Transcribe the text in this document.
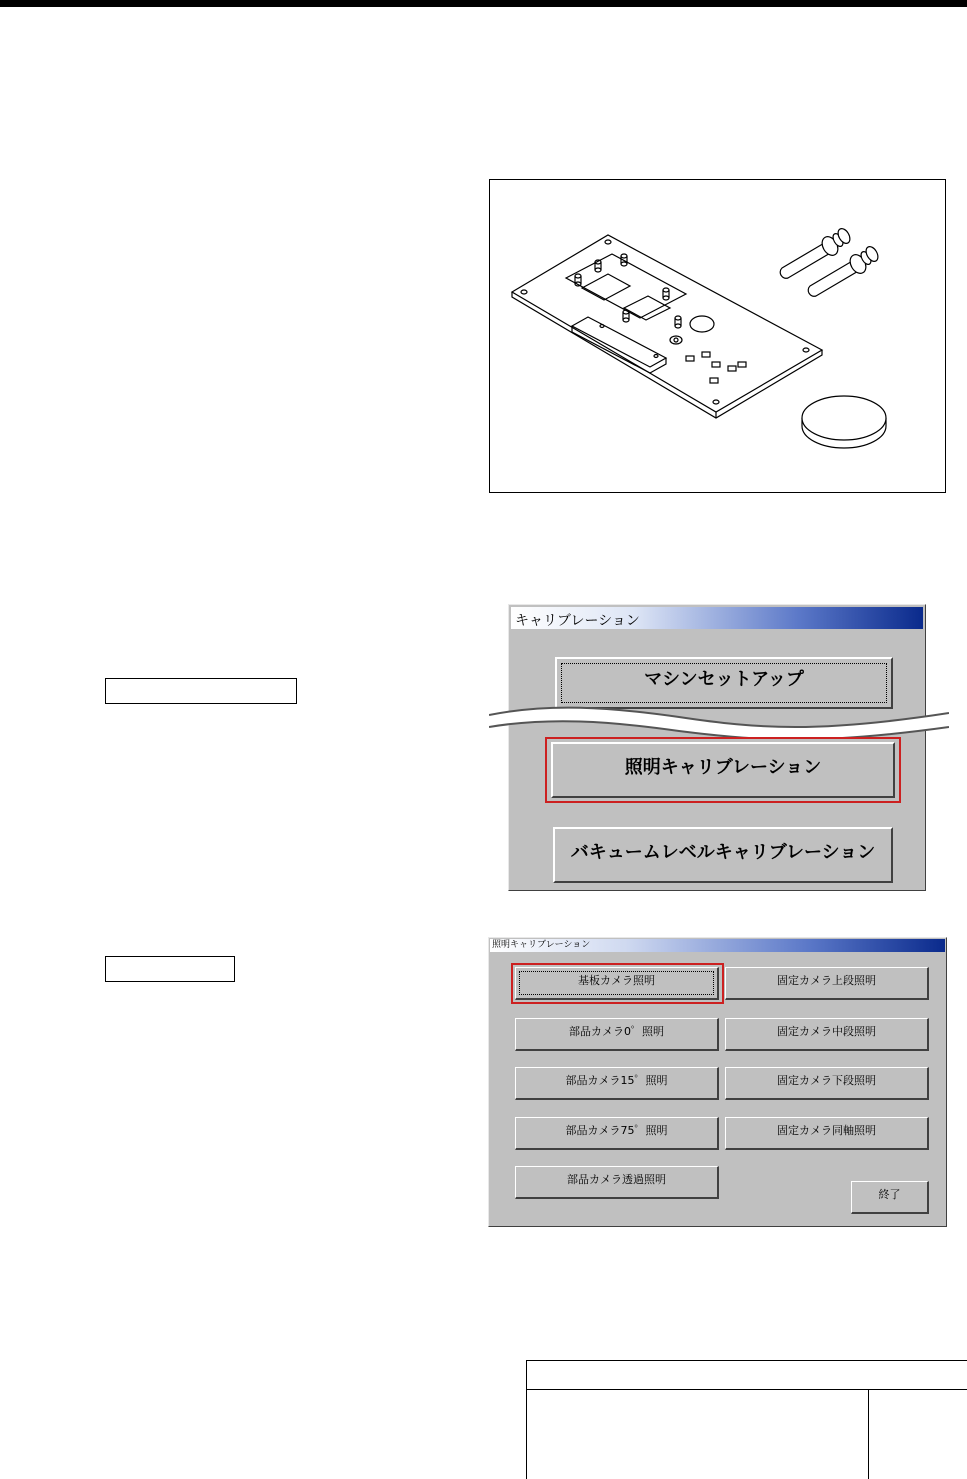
キャリブレーション
マシンセットアップ
照明キャリブレーション
バキュームレベルキャリブレーション
照明キャリブレーション
基板カメラ照明
部品カメラ0゜照明
部品カメラ15゜照明
部品カメラ75゜照明
部品カメラ透過照明
固定カメラ上段照明
固定カメラ中段照明
固定カメラ下段照明
固定カメラ同軸照明
終了
